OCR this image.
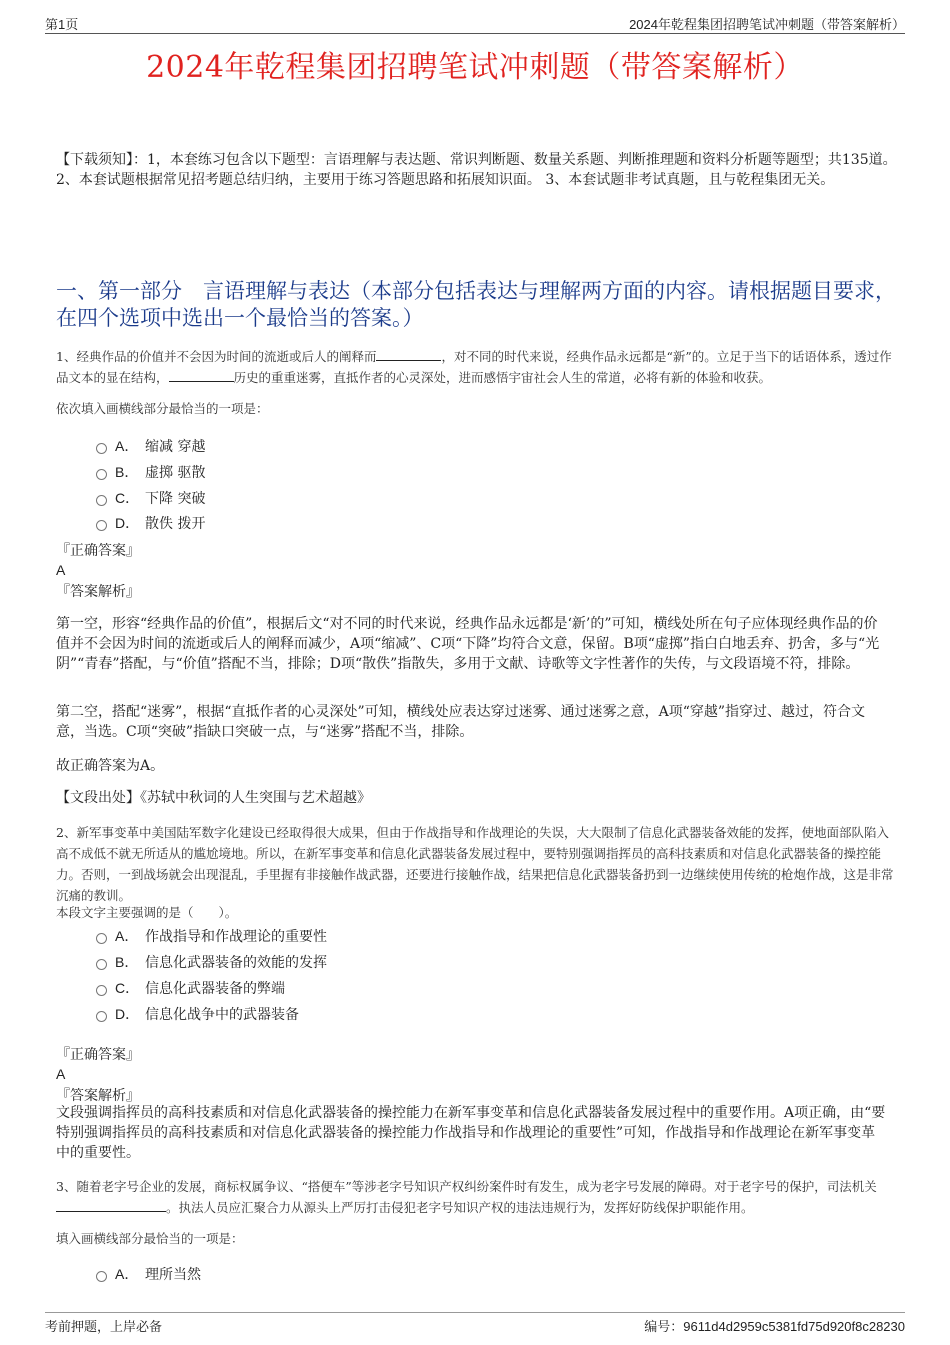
第1页	2024年乾程集团招聘笔试冲刺题（带答案解析）
2024年乾程集团招聘笔试冲刺题（带答案解析）
【下载须知】：1，本套练习包含以下题型：言语理解与表达题、常识判断题、数量关系题、判断推理题和资料分析题等题型；共135道。 2、本套试题根据常见招考题总结归纳，主要用于练习答题思路和拓展知识面。 3、本套试题非考试真题，且与乾程集团无关。
一、第一部分　言语理解与表达（本部分包括表达与理解两方面的内容。请根据题目要求，在四个选项中选出一个最恰当的答案。）
1、经典作品的价值并不会因为时间的流逝或后人的阐释而	，对不同的时代来说，经典作品永远都是“新”的。立足于当下的话语体系，透过作品文本的显在结构，	历史的重重迷雾，直抵作者的心灵深处，进而感悟宇宙社会人生的常道，必将有新的体验和收获。
依次填入画横线部分最恰当的一项是：
A． 缩减 穿越
B． 虚掷 驱散
C． 下降 突破
D． 散佚 拨开
『正确答案』
A
『答案解析』
第一空，形容“经典作品的价值”，根据后文“对不同的时代来说，经典作品永远都是‘新’的”可知，横线处所在句子应体现经典作品的价值并不会因为时间的流逝或后人的阐释而减少，A项“缩减”、C项“下降”均符合文意，保留。B项“虚掷”指白白地丢弃、扔舍，多与“光阴”“青春”搭配，与“价值”搭配不当，排除；D项“散佚”指散失，多用于文献、诗歌等文字性著作的失传，与文段语境不符，排除。
第二空，搭配“迷雾”，根据“直抵作者的心灵深处”可知，横线处应表达穿过迷雾、通过迷雾之意，A项“穿越”指穿过、越过，符合文意，当选。C项“突破”指缺口突破一点，与“迷雾”搭配不当，排除。
故正确答案为A。
【文段出处】《苏轼中秋词的人生突围与艺术超越》
2、新军事变革中美国陆军数字化建设已经取得很大成果，但由于作战指导和作战理论的失误，大大限制了信息化武器装备效能的发挥，使地面部队陷入高不成低不就无所适从的尴尬境地。所以，在新军事变革和信息化武器装备发展过程中，要特别强调指挥员的高科技素质和对信息化武器装备的操控能力。否则，一到战场就会出现混乱，手里握有非接触作战武器，还要进行接触作战，结果把信息化武器装备扔到一边继续使用传统的枪炮作战，这是非常沉痛的教训。
本段文字主要强调的是（　　）。
A． 作战指导和作战理论的重要性
B． 信息化武器装备的效能的发挥
C． 信息化武器装备的弊端
D． 信息化战争中的武器装备
『正确答案』
A
『答案解析』
文段强调指挥员的高科技素质和对信息化武器装备的操控能力在新军事变革和信息化武器装备发展过程中的重要作用。A项正确，由“要特别强调指挥员的高科技素质和对信息化武器装备的操控能力作战指导和作战理论的重要性”可知，作战指导和作战理论在新军事变革中的重要性。
3、随着老字号企业的发展，商标权属争议、“搭便车”等涉老字号知识产权纠纷案件时有发生，成为老字号发展的障碍。对于老字号的保护，司法机关。执法人员应汇聚合力从源头上严厉打击侵犯老字号知识产权的违法违规行为，发挥好防线保护职能作用。
填入画横线部分最恰当的一项是：
A． 理所当然
考前押题，上岸必备	编号：9611d4d2959c5381fd75d920f8c28230
